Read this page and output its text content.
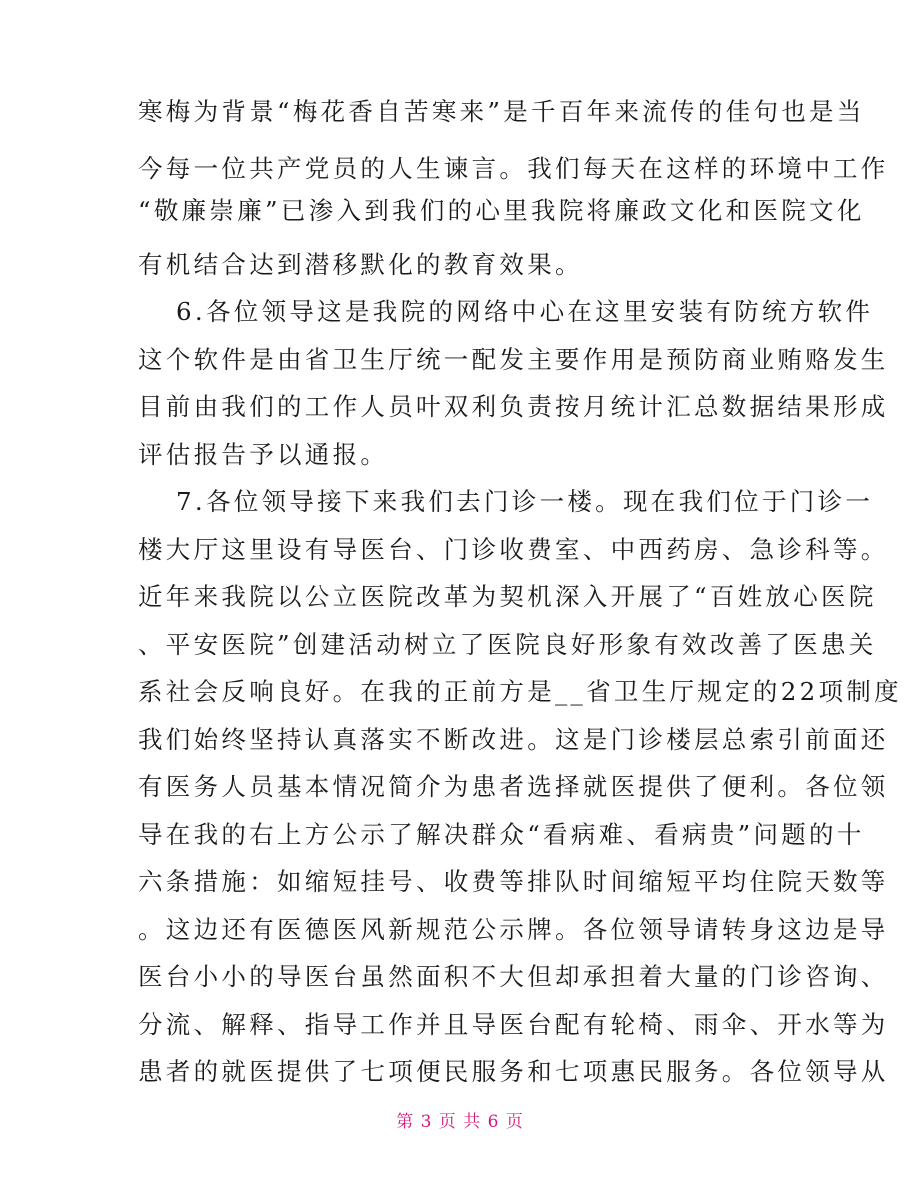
寒梅为背景“梅花香自苦寒来”是千百年来流传的佳句也是当
今每一位共产党员的人生谏言。我们每天在这样的环境中工作
“敬廉崇廉”已渗入到我们的心里我院将廉政文化和医院文化
有机结合达到潜移默化的教育效果。
6.各位领导这是我院的网络中心在这里安装有防统方软件
这个软件是由省卫生厅统一配发主要作用是预防商业贿赂发生
目前由我们的工作人员叶双利负责按月统计汇总数据结果形成
评估报告予以通报。
7.各位领导接下来我们去门诊一楼。现在我们位于门诊一
楼大厅这里设有导医台、门诊收费室、中西药房、急诊科等。
近年来我院以公立医院改革为契机深入开展了“百姓放心医院
、平安医院”创建活动树立了医院良好形象有效改善了医患关
系社会反响良好。在我的正前方是__省卫生厅规定的22项制度
我们始终坚持认真落实不断改进。这是门诊楼层总索引前面还
有医务人员基本情况简介为患者选择就医提供了便利。各位领
导在我的右上方公示了解决群众“看病难、看病贵”问题的十
六条措施：如缩短挂号、收费等排队时间缩短平均住院天数等
。这边还有医德医风新规范公示牌。各位领导请转身这边是导
医台小小的导医台虽然面积不大但却承担着大量的门诊咨询、
分流、解释、指导工作并且导医台配有轮椅、雨伞、开水等为
患者的就医提供了七项便民服务和七项惠民服务。各位领导从
第 3 页 共 6 页
